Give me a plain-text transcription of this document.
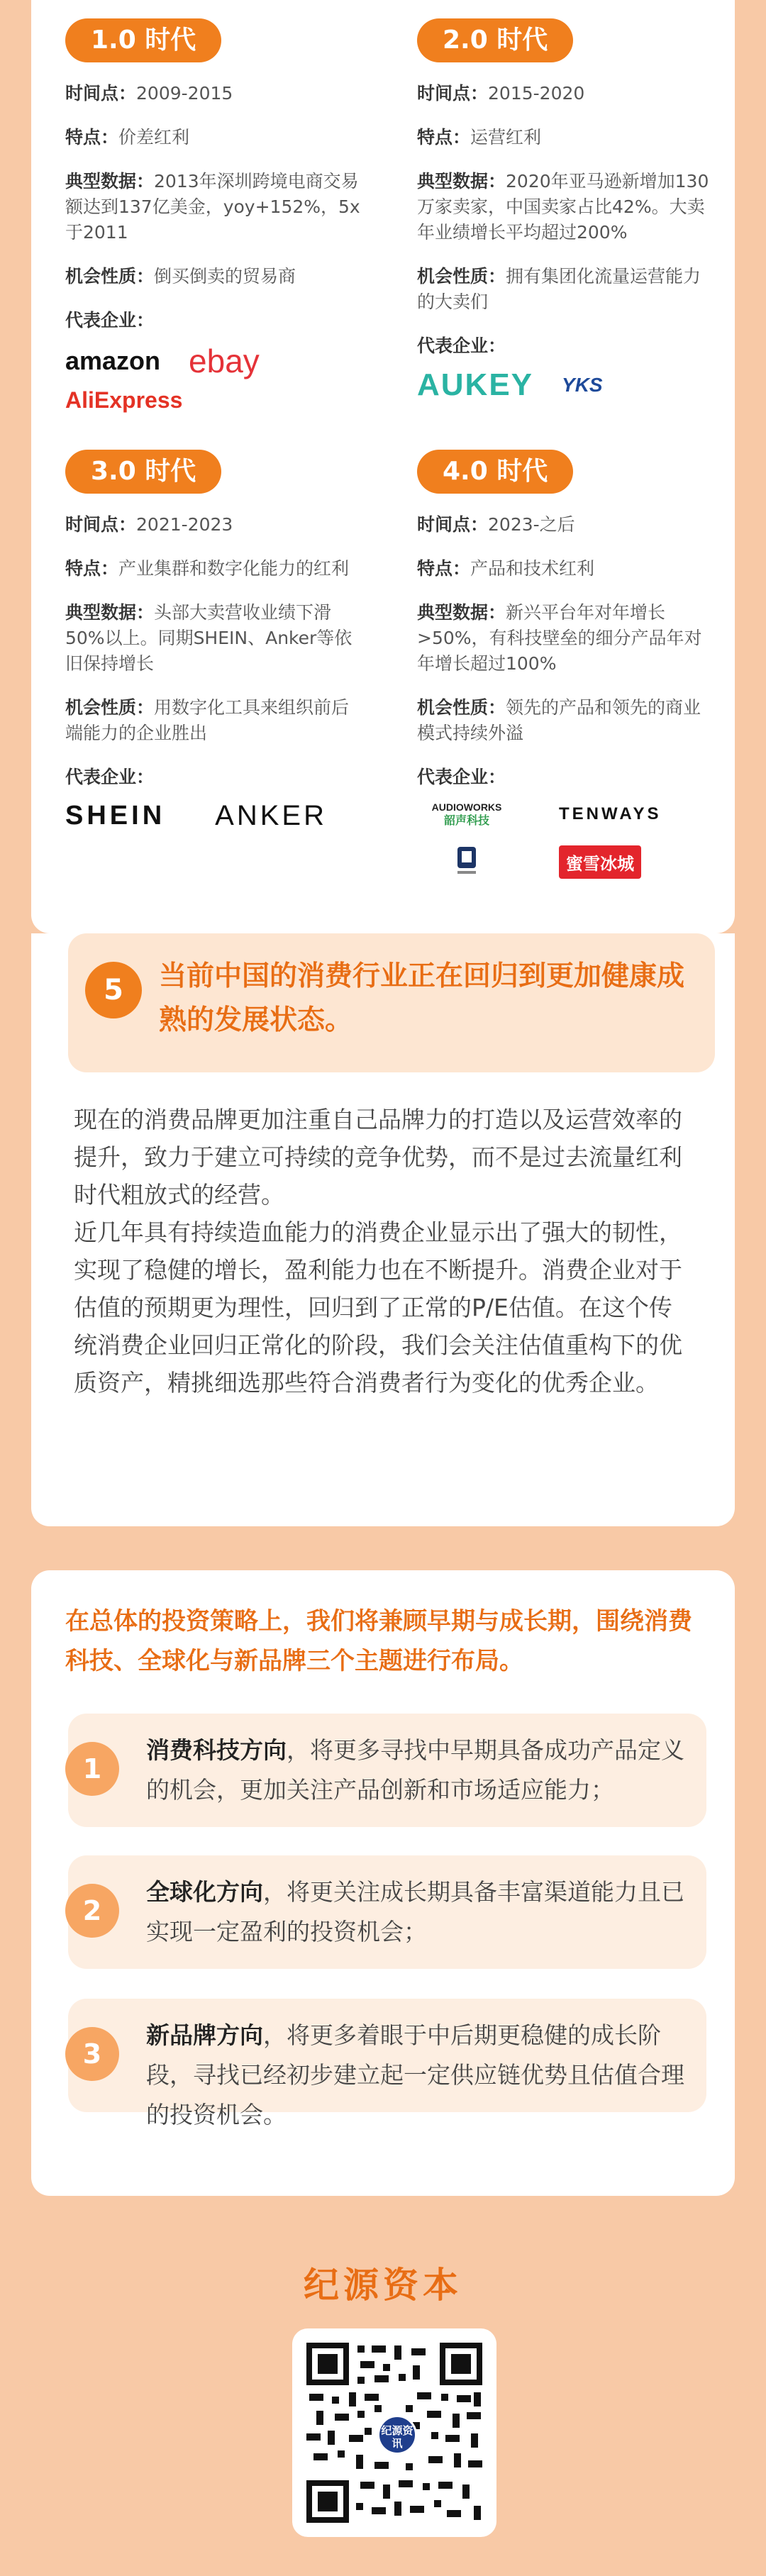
1.0 时代
时间点：2009-2015
特点：价差红利
典型数据：2013年深圳跨境电商交易额达到137亿美金，yoy+152%，5x于2011
机会性质：倒买倒卖的贸易商
代表企业：
amazon ebay
AliExpress
2.0 时代
时间点：2015-2020
特点：运营红利
典型数据：2020年亚马逊新增加130万家卖家，中国卖家占比42%。大卖年业绩增长平均超过200%
机会性质：拥有集团化流量运营能力的大卖们
代表企业：
AUKEY YKS
3.0 时代
时间点：2021-2023
特点：产业集群和数字化能力的红利
典型数据：头部大卖营收业绩下滑50%以上。同期SHEIN、Anker等依旧保持增长
机会性质：用数字化工具来组织前后端能力的企业胜出
代表企业：
SHEIN ANKER
4.0 时代
时间点：2023-之后
特点：产品和技术红利
典型数据：新兴平台年对年增长>50%，有科技壁垒的细分产品年对年增长超过100%
机会性质：领先的产品和领先的商业模式持续外溢
代表企业：
AUDIOWORKS
韶声科技	TENWAYS
蜜雪冰城
5	当前中国的消费行业正在回归到更加健康成熟的发展状态。

现在的消费品牌更加注重自己品牌力的打造以及运营效率的提升，致力于建立可持续的竞争优势，而不是过去流量红利时代粗放式的经营。

近几年具有持续造血能力的消费企业显示出了强大的韧性，实现了稳健的增长，盈利能力也在不断提升。消费企业对于估值的预期更为理性，回归到了正常的P/E估值。在这个传统消费企业回归正常化的阶段，我们会关注估值重构下的优质资产，精挑细选那些符合消费者行为变化的优秀企业。

在总体的投资策略上，我们将兼顾早期与成长期，围绕消费科技、全球化与新品牌三个主题进行布局。
1
消费科技方向，将更多寻找中早期具备成功产品定义的机会，更加关注产品创新和市场适应能力；
2
全球化方向，将更关注成长期具备丰富渠道能力且已实现一定盈利的投资机会；
3
新品牌方向，将更多着眼于中后期更稳健的成长阶段，寻找已经初步建立起一定供应链优势且估值合理的投资机会。
纪源资本
纪源资讯
